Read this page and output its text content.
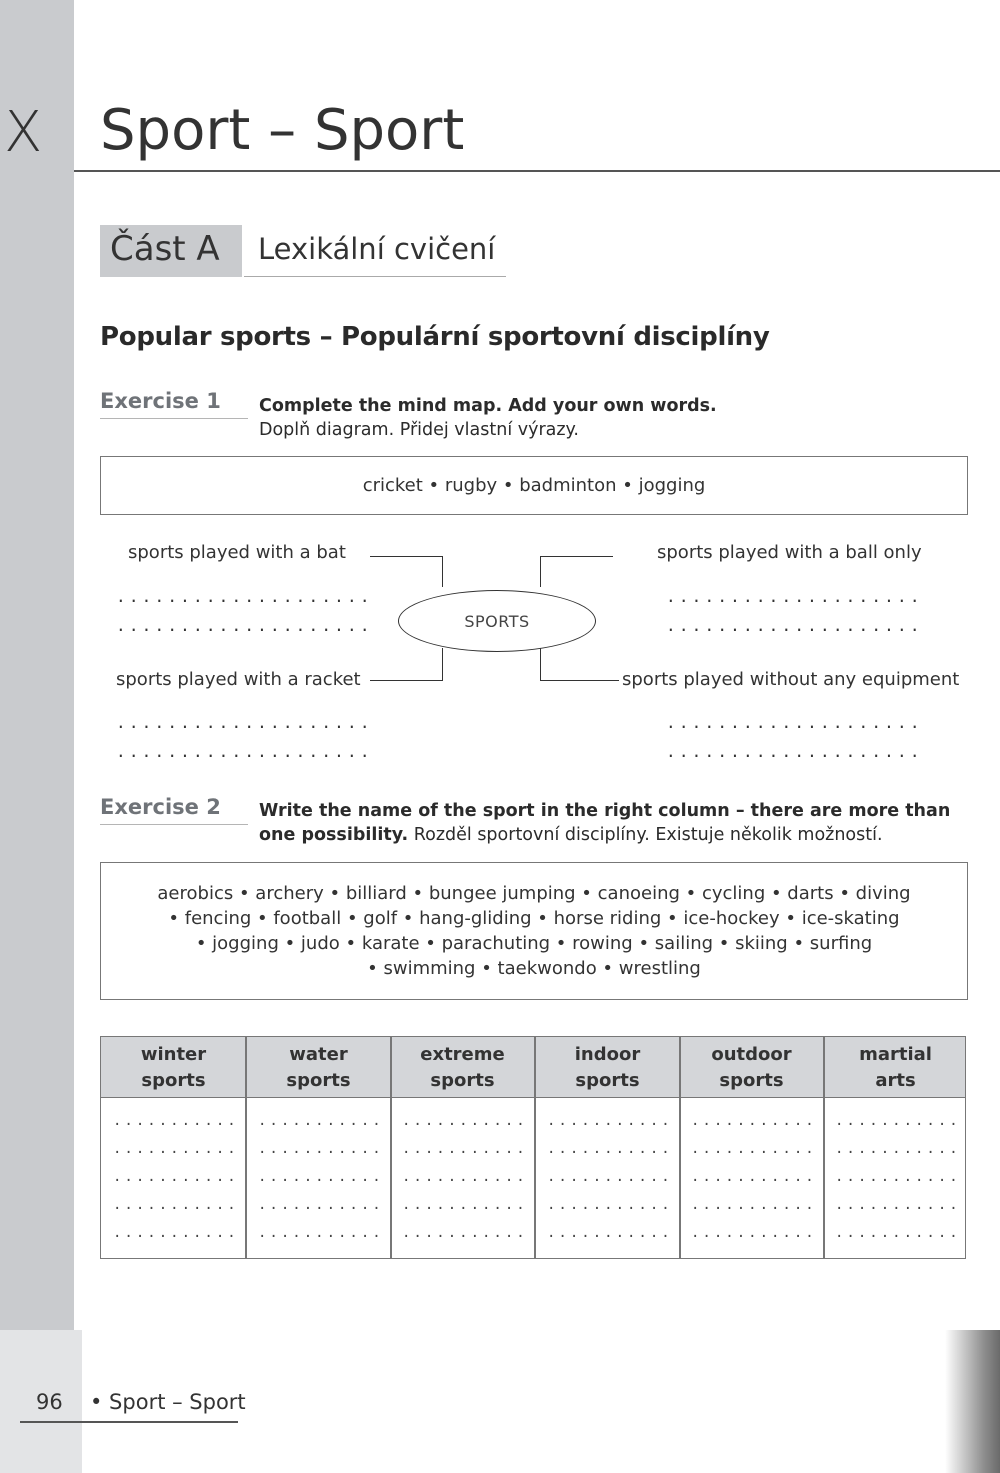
X Sport – Sport
Část A Lexikální cvičení
Popular sports – Populární sportovní disciplíny
Exercise 1 Complete the mind map. Add your own words.
Doplň diagram. Přidej vlastní výrazy.
cricket • rugby • badminton • jogging
sports played with a bat	sports played with a ball only
sports played with a racket	sports played without any equipment
....................
....................
....................
....................
....................
....................
....................
....................
SPORTS
Exercise 2 Write the name of the sport in the right column – there are more than one possibility. Rozděl sportovní disciplíny. Existuje několik možností.
aerobics • archery • billiard • bungee jumping • canoeing • cycling • darts • diving
• fencing • football • golf • hang-gliding • horse riding • ice-hockey • ice-skating
• jogging • judo • karate • parachuting • rowing • sailing • skiing • surfing
• swimming • taekwondo • wrestling
winter
sports
water
sports
extreme
sports
indoor
sports
outdoor
sports
martial
arts
........... ........... ........... ........... ........... ...........
........... ........... ........... ........... ........... ...........
........... ........... ........... ........... ........... ...........
........... ........... ........... ........... ........... ...........
........... ........... ........... ........... ........... ...........
96 • Sport – Sport
